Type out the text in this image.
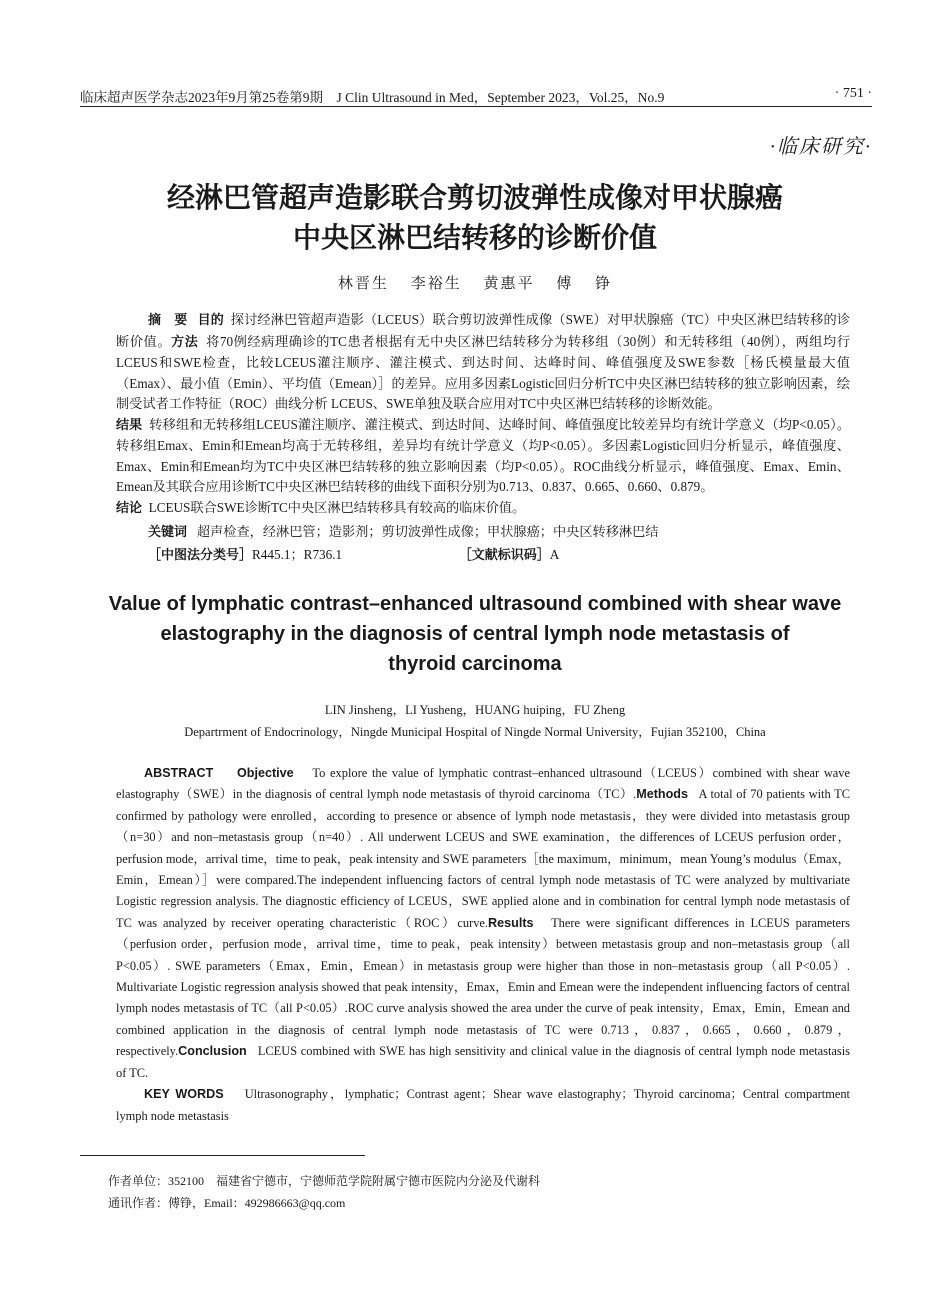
临床超声医学杂志2023年9月第25卷第9期　J Clin Ultrasound in Med，September 2023，Vol.25，No.9	· 751 ·
·临床研究·
经淋巴管超声造影联合剪切波弹性成像对甲状腺癌
中央区淋巴结转移的诊断价值
林晋生 李裕生 黄惠平 傅 铮

摘　要 目的 探讨经淋巴管超声造影（LCEUS）联合剪切波弹性成像（SWE）对甲状腺癌（TC）中央区淋巴结转移的诊断价值。方法 将70例经病理确诊的TC患者根据有无中央区淋巴结转移分为转移组（30例）和无转移组（40例），两组均行LCEUS和SWE检查，比较LCEUS灌注顺序、灌注模式、到达时间、达峰时间、峰值强度及SWE参数［杨氏模量最大值（Emax）、最小值（Emin）、平均值（Emean）］的差异。应用多因素Logistic回归分析TC中央区淋巴结转移的独立影响因素，绘制受试者工作特征（ROC）曲线分析 LCEUS、SWE单独及联合应用对TC中央区淋巴结转移的诊断效能。

结果 转移组和无转移组LCEUS灌注顺序、灌注模式、到达时间、达峰时间、峰值强度比较差异均有统计学意义（均P<0.05）。转移组Emax、Emin和Emean均高于无转移组，差异均有统计学意义（均P<0.05）。多因素Logistic回归分析显示，峰值强度、Emax、Emin和Emean均为TC中央区淋巴结转移的独立影响因素（均P<0.05）。ROC曲线分析显示，峰值强度、Emax、Emin、Emean及其联合应用诊断TC中央区淋巴结转移的曲线下面积分别为0.713、0.837、0.665、0.660、0.879。

结论 LCEUS联合SWE诊断TC中央区淋巴结转移具有较高的临床价值。

关键词 超声检查，经淋巴管；造影剂；剪切波弹性成像；甲状腺癌；中央区转移淋巴结

［中图法分类号］R445.1；R736.1	［文献标识码］A

Value of lymphatic contrast–enhanced ultrasound combined with shear wave
elastography in the diagnosis of central lymph node metastasis of
thyroid carcinoma
LIN Jinsheng，LI Yusheng，HUANG huiping，FU Zheng
Departrment of Endocrinology，Ningde Municipal Hospital of Ningde Normal University，Fujian 352100，China

ABSTRACT Objective To explore the value of lymphatic contrast–enhanced ultrasound（LCEUS）combined with shear wave elastography（SWE）in the diagnosis of central lymph node metastasis of thyroid carcinoma（TC）.Methods A total of 70 patients with TC confirmed by pathology were enrolled，according to presence or absence of lymph node metastasis，they were divided into metastasis group（n=30）and non–metastasis group（n=40）. All underwent LCEUS and SWE examination，the differences of LCEUS perfusion order，perfusion mode，arrival time，time to peak，peak intensity and SWE parameters［the maximum，minimum，mean Young’s modulus（Emax，Emin，Emean）］were compared.The independent influencing factors of central lymph node metastasis of TC were analyzed by multivariate Logistic regression analysis. The diagnostic efficiency of LCEUS，SWE applied alone and in combination for central lymph node metastasis of TC was analyzed by receiver operating characteristic（ROC）curve.Results There were significant differences in LCEUS parameters（perfusion order，perfusion mode，arrival time，time to peak，peak intensity）between metastasis group and non–metastasis group（all P<0.05）. SWE parameters（Emax，Emin，Emean）in metastasis group were higher than those in non–metastasis group（all P<0.05）. Multivariate Logistic regression analysis showed that peak intensity，Emax，Emin and Emean were the independent influencing factors of central lymph nodes metastasis of TC（all P<0.05）.ROC curve analysis showed the area under the curve of peak intensity，Emax，Emin，Emean and combined application in the diagnosis of central lymph node metastasis of TC were 0.713，0.837，0.665，0.660，0.879，respectively.Conclusion LCEUS combined with SWE has high sensitivity and clinical value in the diagnosis of central lymph node metastasis of TC.

KEY WORDS Ultrasonography，lymphatic；Contrast agent；Shear wave elastography；Thyroid carcinoma；Central compartment lymph node metastasis

作者单位：352100　福建省宁德市，宁德师范学院附属宁德市医院内分泌及代谢科
通讯作者：傅铮，Email：492986663@qq.com
